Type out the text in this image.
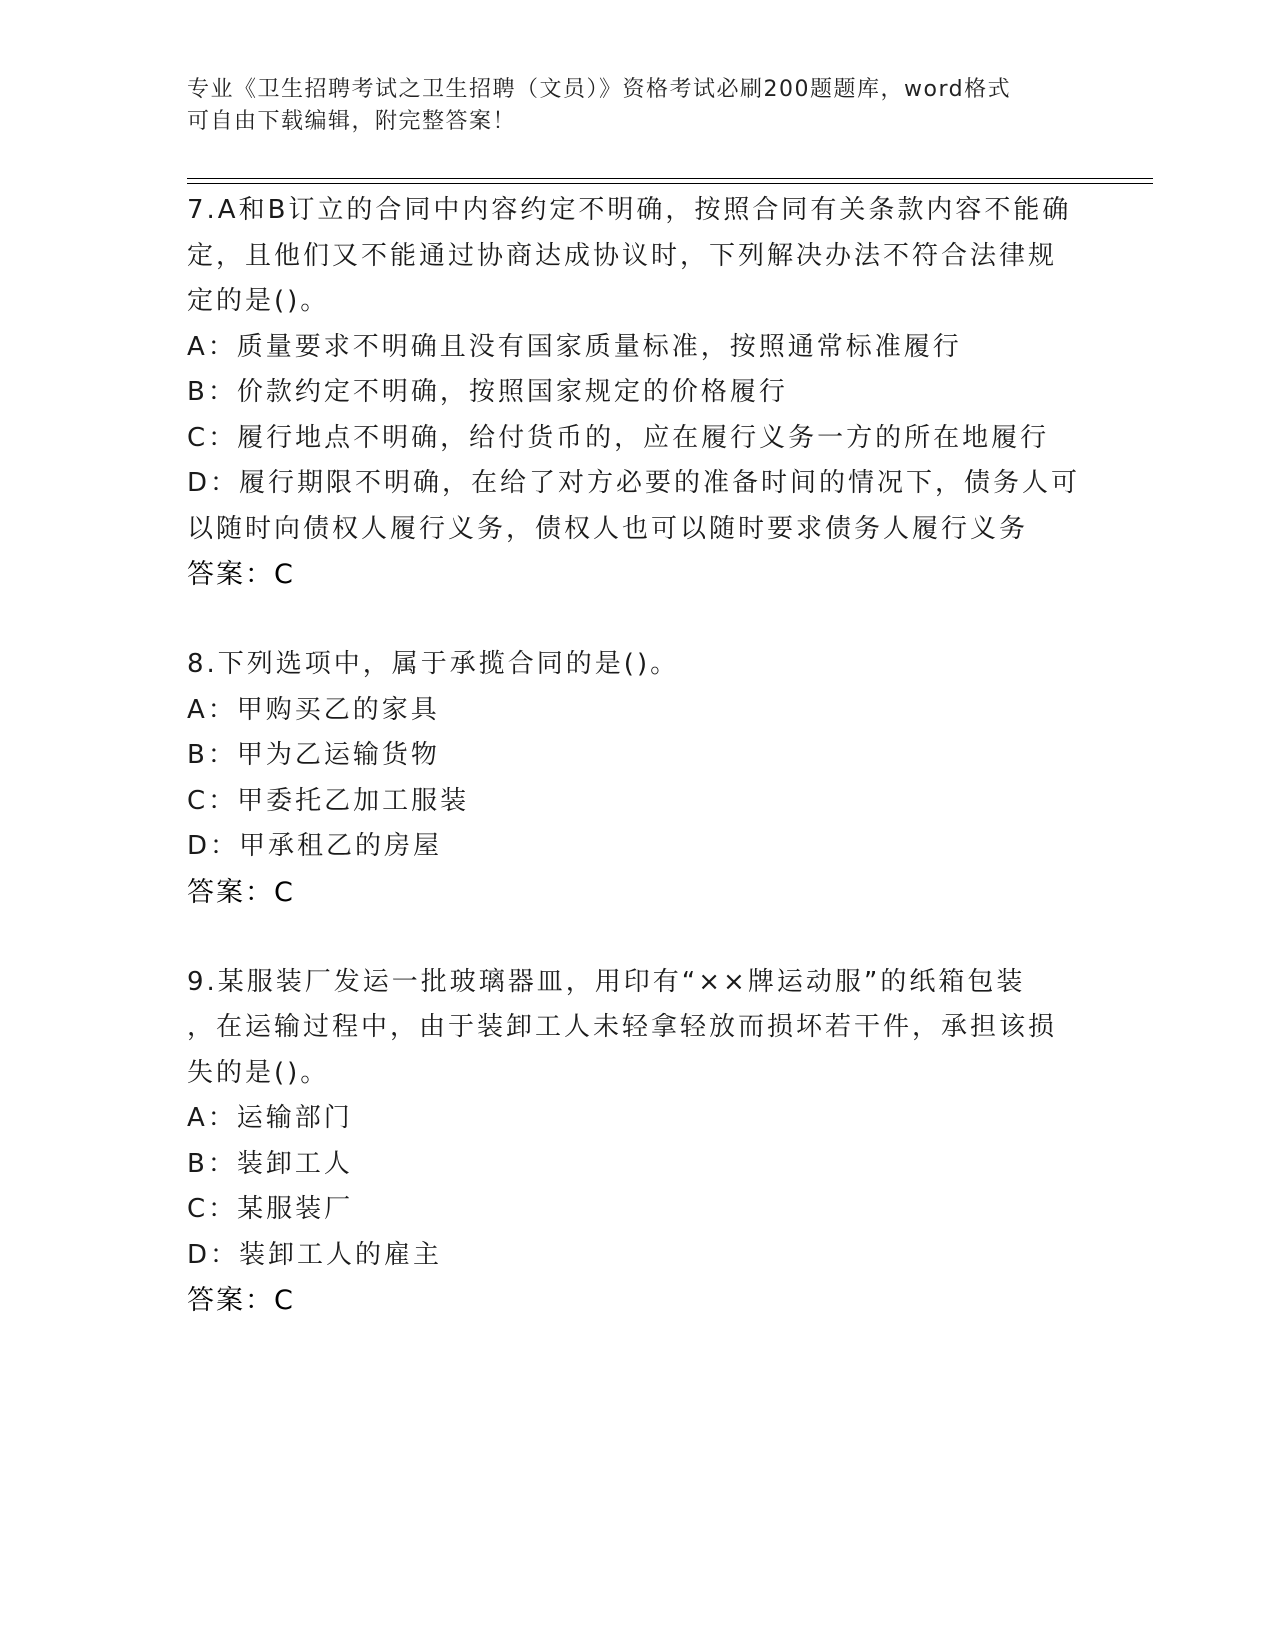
专业《卫生招聘考试之卫生招聘（文员）》资格考试必刷200题题库，word格式
可自由下载编辑，附完整答案！
7.A和B订立的合同中内容约定不明确，按照合同有关条款内容不能确
定，且他们又不能通过协商达成协议时，下列解决办法不符合法律规
定的是()。
A：质量要求不明确且没有国家质量标准，按照通常标准履行
B：价款约定不明确，按照国家规定的价格履行
C：履行地点不明确，给付货币的，应在履行义务一方的所在地履行
D：履行期限不明确，在给了对方必要的准备时间的情况下，债务人可
以随时向债权人履行义务，债权人也可以随时要求债务人履行义务
答案：C
8.下列选项中，属于承揽合同的是()。
A：甲购买乙的家具
B：甲为乙运输货物
C：甲委托乙加工服装
D：甲承租乙的房屋
答案：C
9.某服装厂发运一批玻璃器皿，用印有“××牌运动服”的纸箱包装
，在运输过程中，由于装卸工人未轻拿轻放而损坏若干件，承担该损
失的是()。
A：运输部门
B：装卸工人
C：某服装厂
D：装卸工人的雇主
答案：C
